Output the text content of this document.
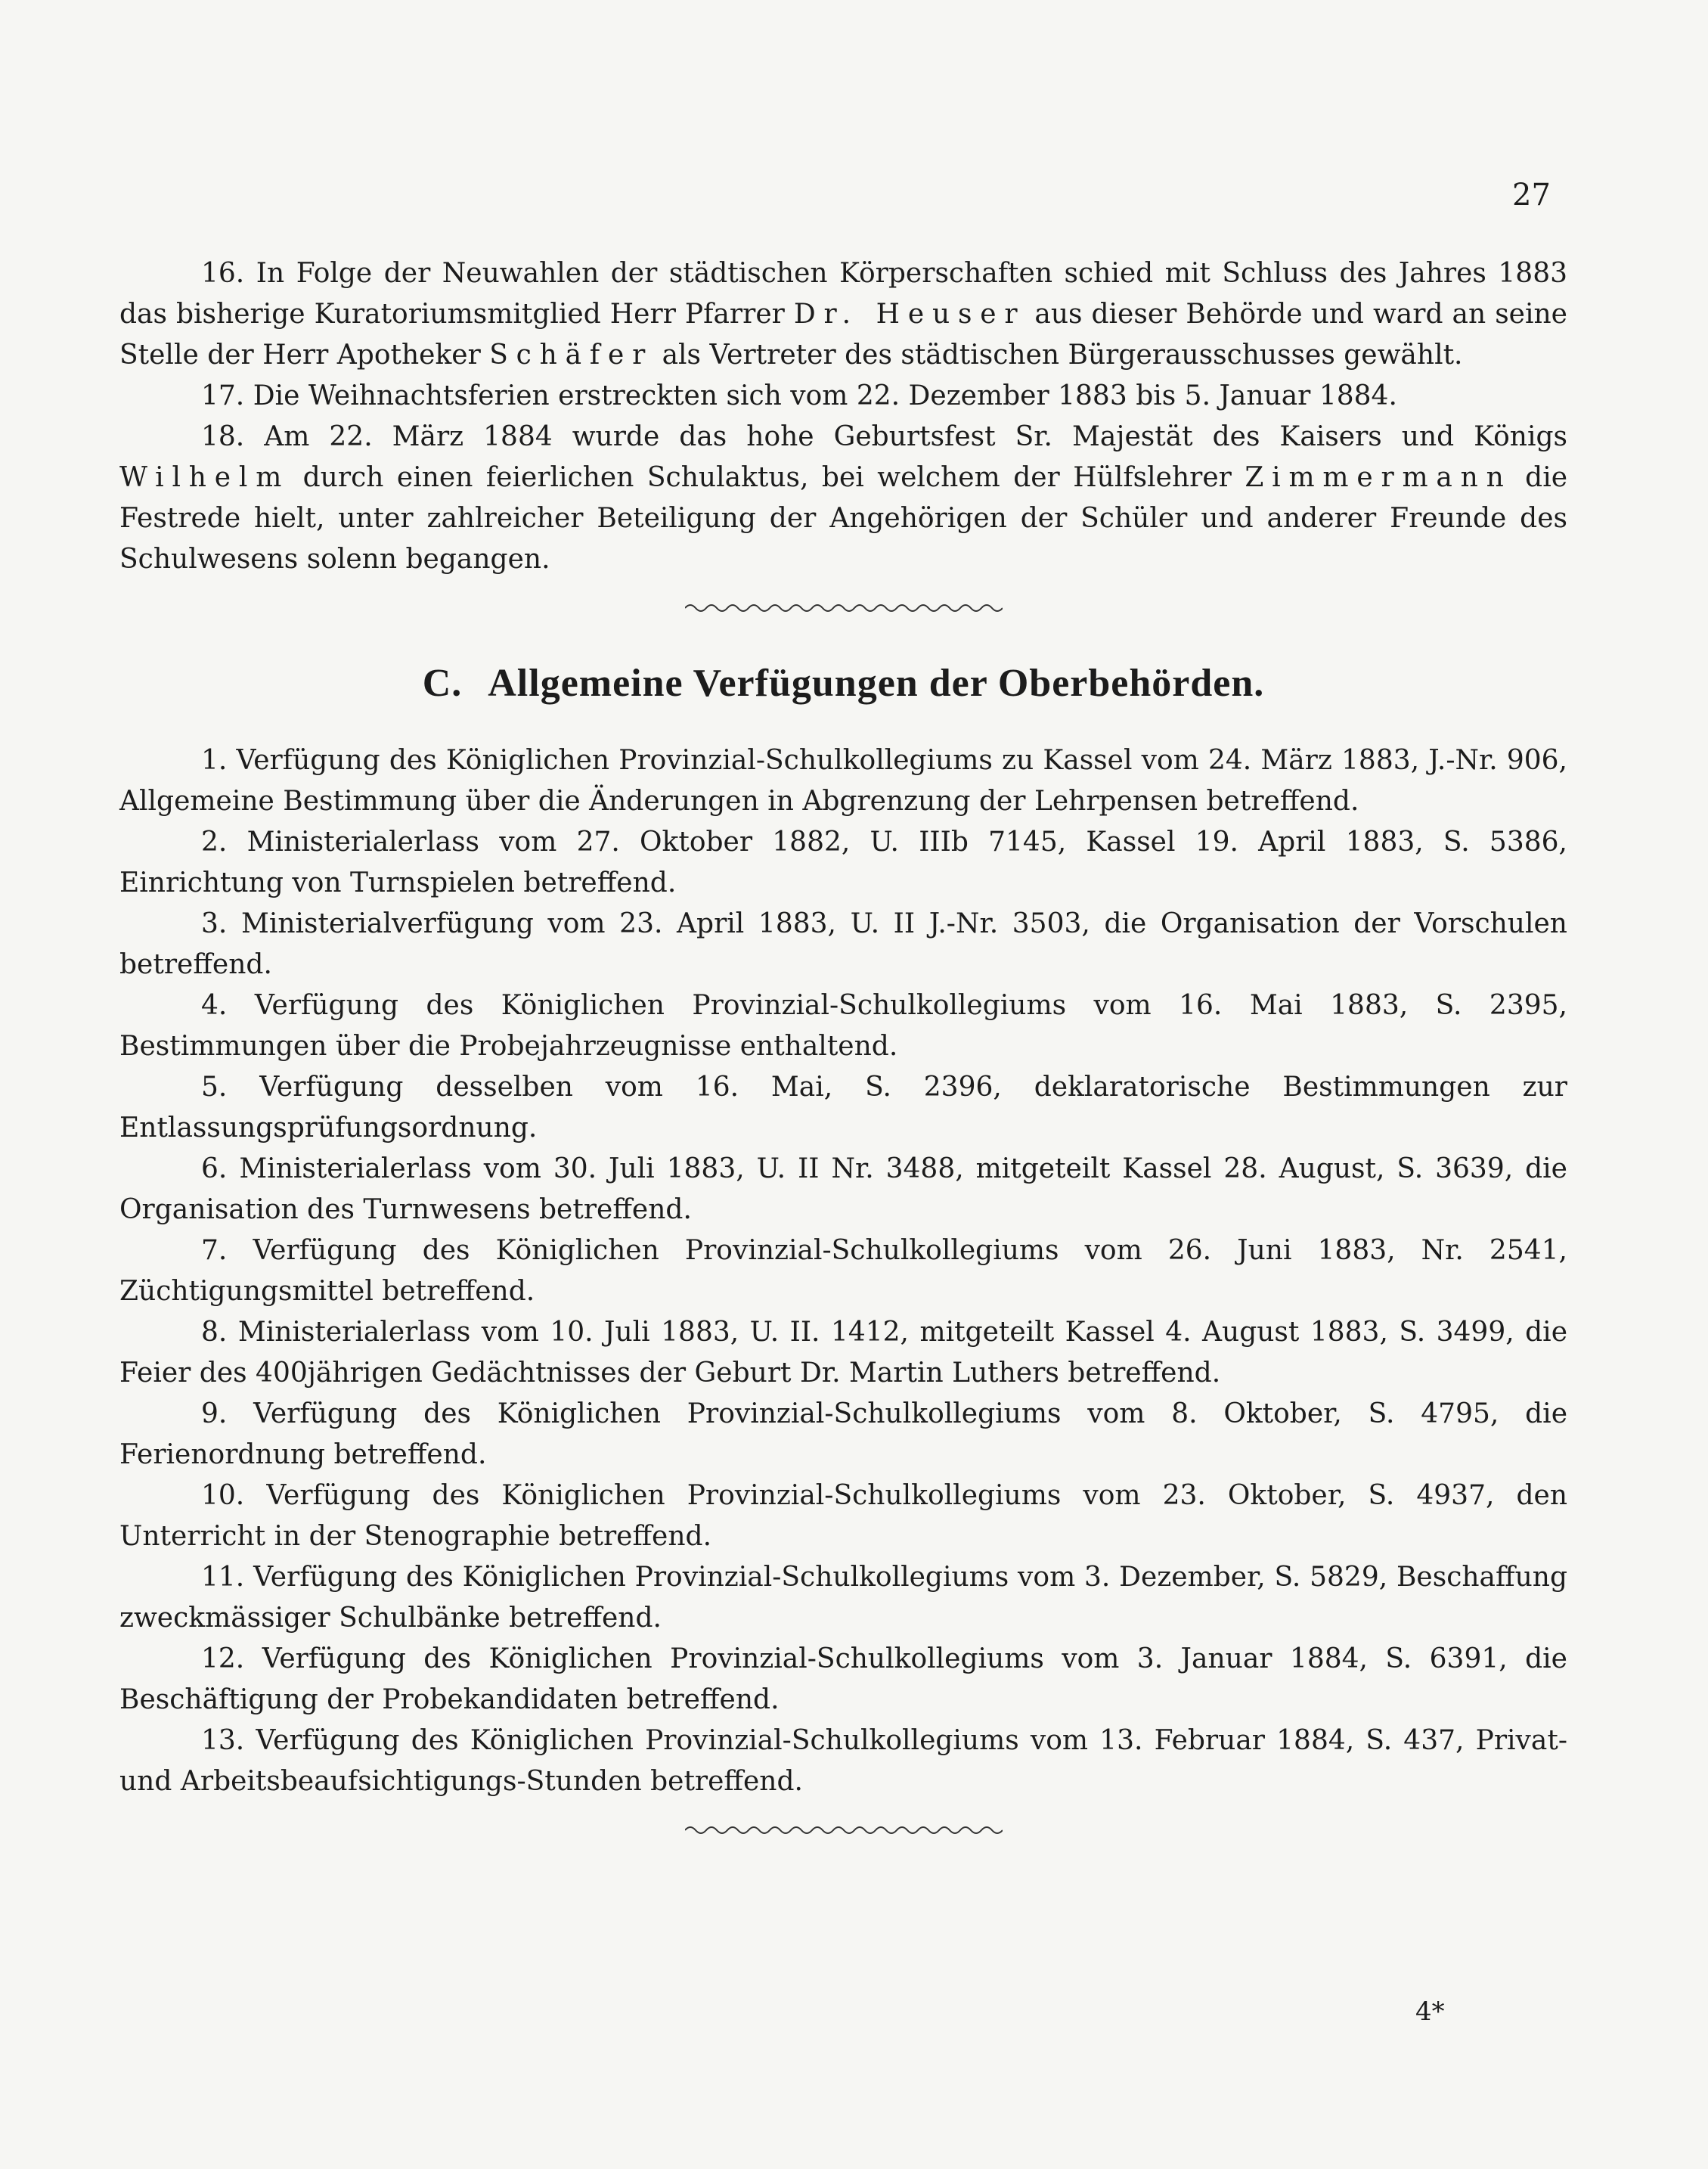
27

16. In Folge der Neuwahlen der städtischen Körperschaften schied mit Schluss des Jahres 1883 das bisherige Kuratoriumsmitglied Herr Pfarrer Dr. Heuser aus dieser Behörde und ward an seine Stelle der Herr Apotheker Schäfer als Vertreter des städtischen Bürgerausschusses gewählt.

17. Die Weihnachtsferien erstreckten sich vom 22. Dezember 1883 bis 5. Januar 1884.

18. Am 22. März 1884 wurde das hohe Geburtsfest Sr. Majestät des Kaisers und Königs Wilhelm durch einen feierlichen Schulaktus, bei welchem der Hülfslehrer Zimmermann die Festrede hielt, unter zahlreicher Beteiligung der Angehörigen der Schüler und anderer Freunde des Schulwesens solenn begangen.

C. Allgemeine Verfügungen der Oberbehörden.

1. Verfügung des Königlichen Provinzial-Schulkollegiums zu Kassel vom 24. März 1883, J.-Nr. 906, Allgemeine Bestimmung über die Änderungen in Abgrenzung der Lehrpensen betreffend.

2. Ministerialerlass vom 27. Oktober 1882, U. IIIb 7145, Kassel 19. April 1883, S. 5386, Einrichtung von Turnspielen betreffend.

3. Ministerialverfügung vom 23. April 1883, U. II J.-Nr. 3503, die Organisation der Vorschulen betreffend.

4. Verfügung des Königlichen Provinzial-Schulkollegiums vom 16. Mai 1883, S. 2395, Bestimmungen über die Probejahrzeugnisse enthaltend.

5. Verfügung desselben vom 16. Mai, S. 2396, deklaratorische Bestimmungen zur Entlassungsprüfungsordnung.

6. Ministerialerlass vom 30. Juli 1883, U. II Nr. 3488, mitgeteilt Kassel 28. August, S. 3639, die Organisation des Turnwesens betreffend.

7. Verfügung des Königlichen Provinzial-Schulkollegiums vom 26. Juni 1883, Nr. 2541, Züchtigungsmittel betreffend.

8. Ministerialerlass vom 10. Juli 1883, U. II. 1412, mitgeteilt Kassel 4. August 1883, S. 3499, die Feier des 400jährigen Gedächtnisses der Geburt Dr. Martin Luthers betreffend.

9. Verfügung des Königlichen Provinzial-Schulkollegiums vom 8. Oktober, S. 4795, die Ferienordnung betreffend.

10. Verfügung des Königlichen Provinzial-Schulkollegiums vom 23. Oktober, S. 4937, den Unterricht in der Stenographie betreffend.

11. Verfügung des Königlichen Provinzial-Schulkollegiums vom 3. Dezember, S. 5829, Beschaffung zweckmässiger Schulbänke betreffend.

12. Verfügung des Königlichen Provinzial-Schulkollegiums vom 3. Januar 1884, S. 6391, die Beschäftigung der Probekandidaten betreffend.

13. Verfügung des Königlichen Provinzial-Schulkollegiums vom 13. Februar 1884, S. 437, Privat- und Arbeitsbeaufsichtigungs-Stunden betreffend.

4*
